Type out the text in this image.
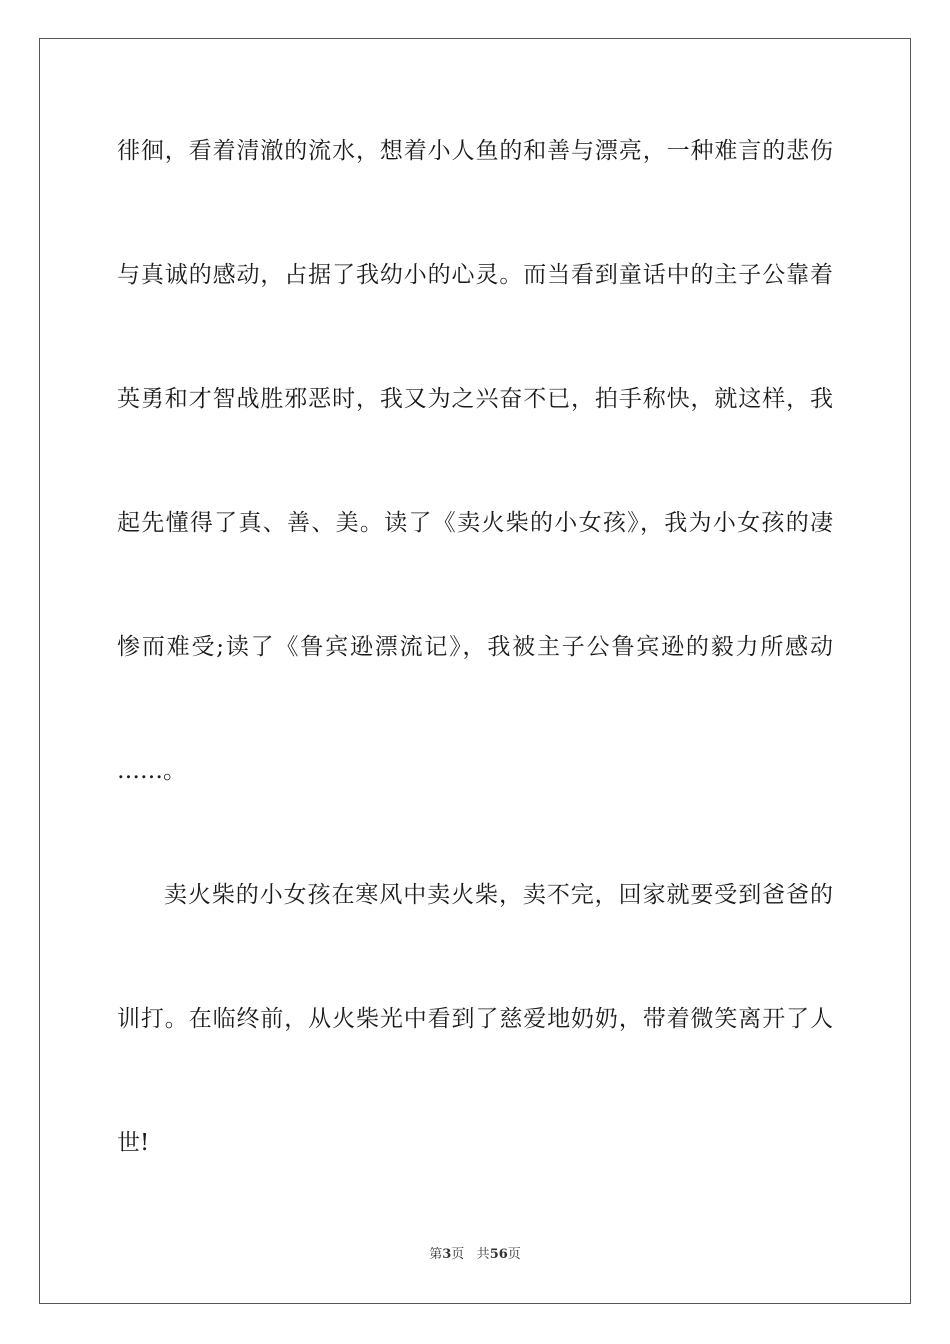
徘徊，看着清澈的流水，想着小人鱼的和善与漂亮，一种难言的悲伤
与真诚的感动，占据了我幼小的心灵。而当看到童话中的主子公靠着
英勇和才智战胜邪恶时，我又为之兴奋不已，拍手称快，就这样，我
起先懂得了真、善、美。读了《卖火柴的小女孩》，我为小女孩的凄
惨而难受;读了《鲁宾逊漂流记》，我被主子公鲁宾逊的毅力所感动
……。
卖火柴的小女孩在寒风中卖火柴，卖不完，回家就要受到爸爸的
训打。在临终前，从火柴光中看到了慈爱地奶奶，带着微笑离开了人
世!
第3页 共56页
